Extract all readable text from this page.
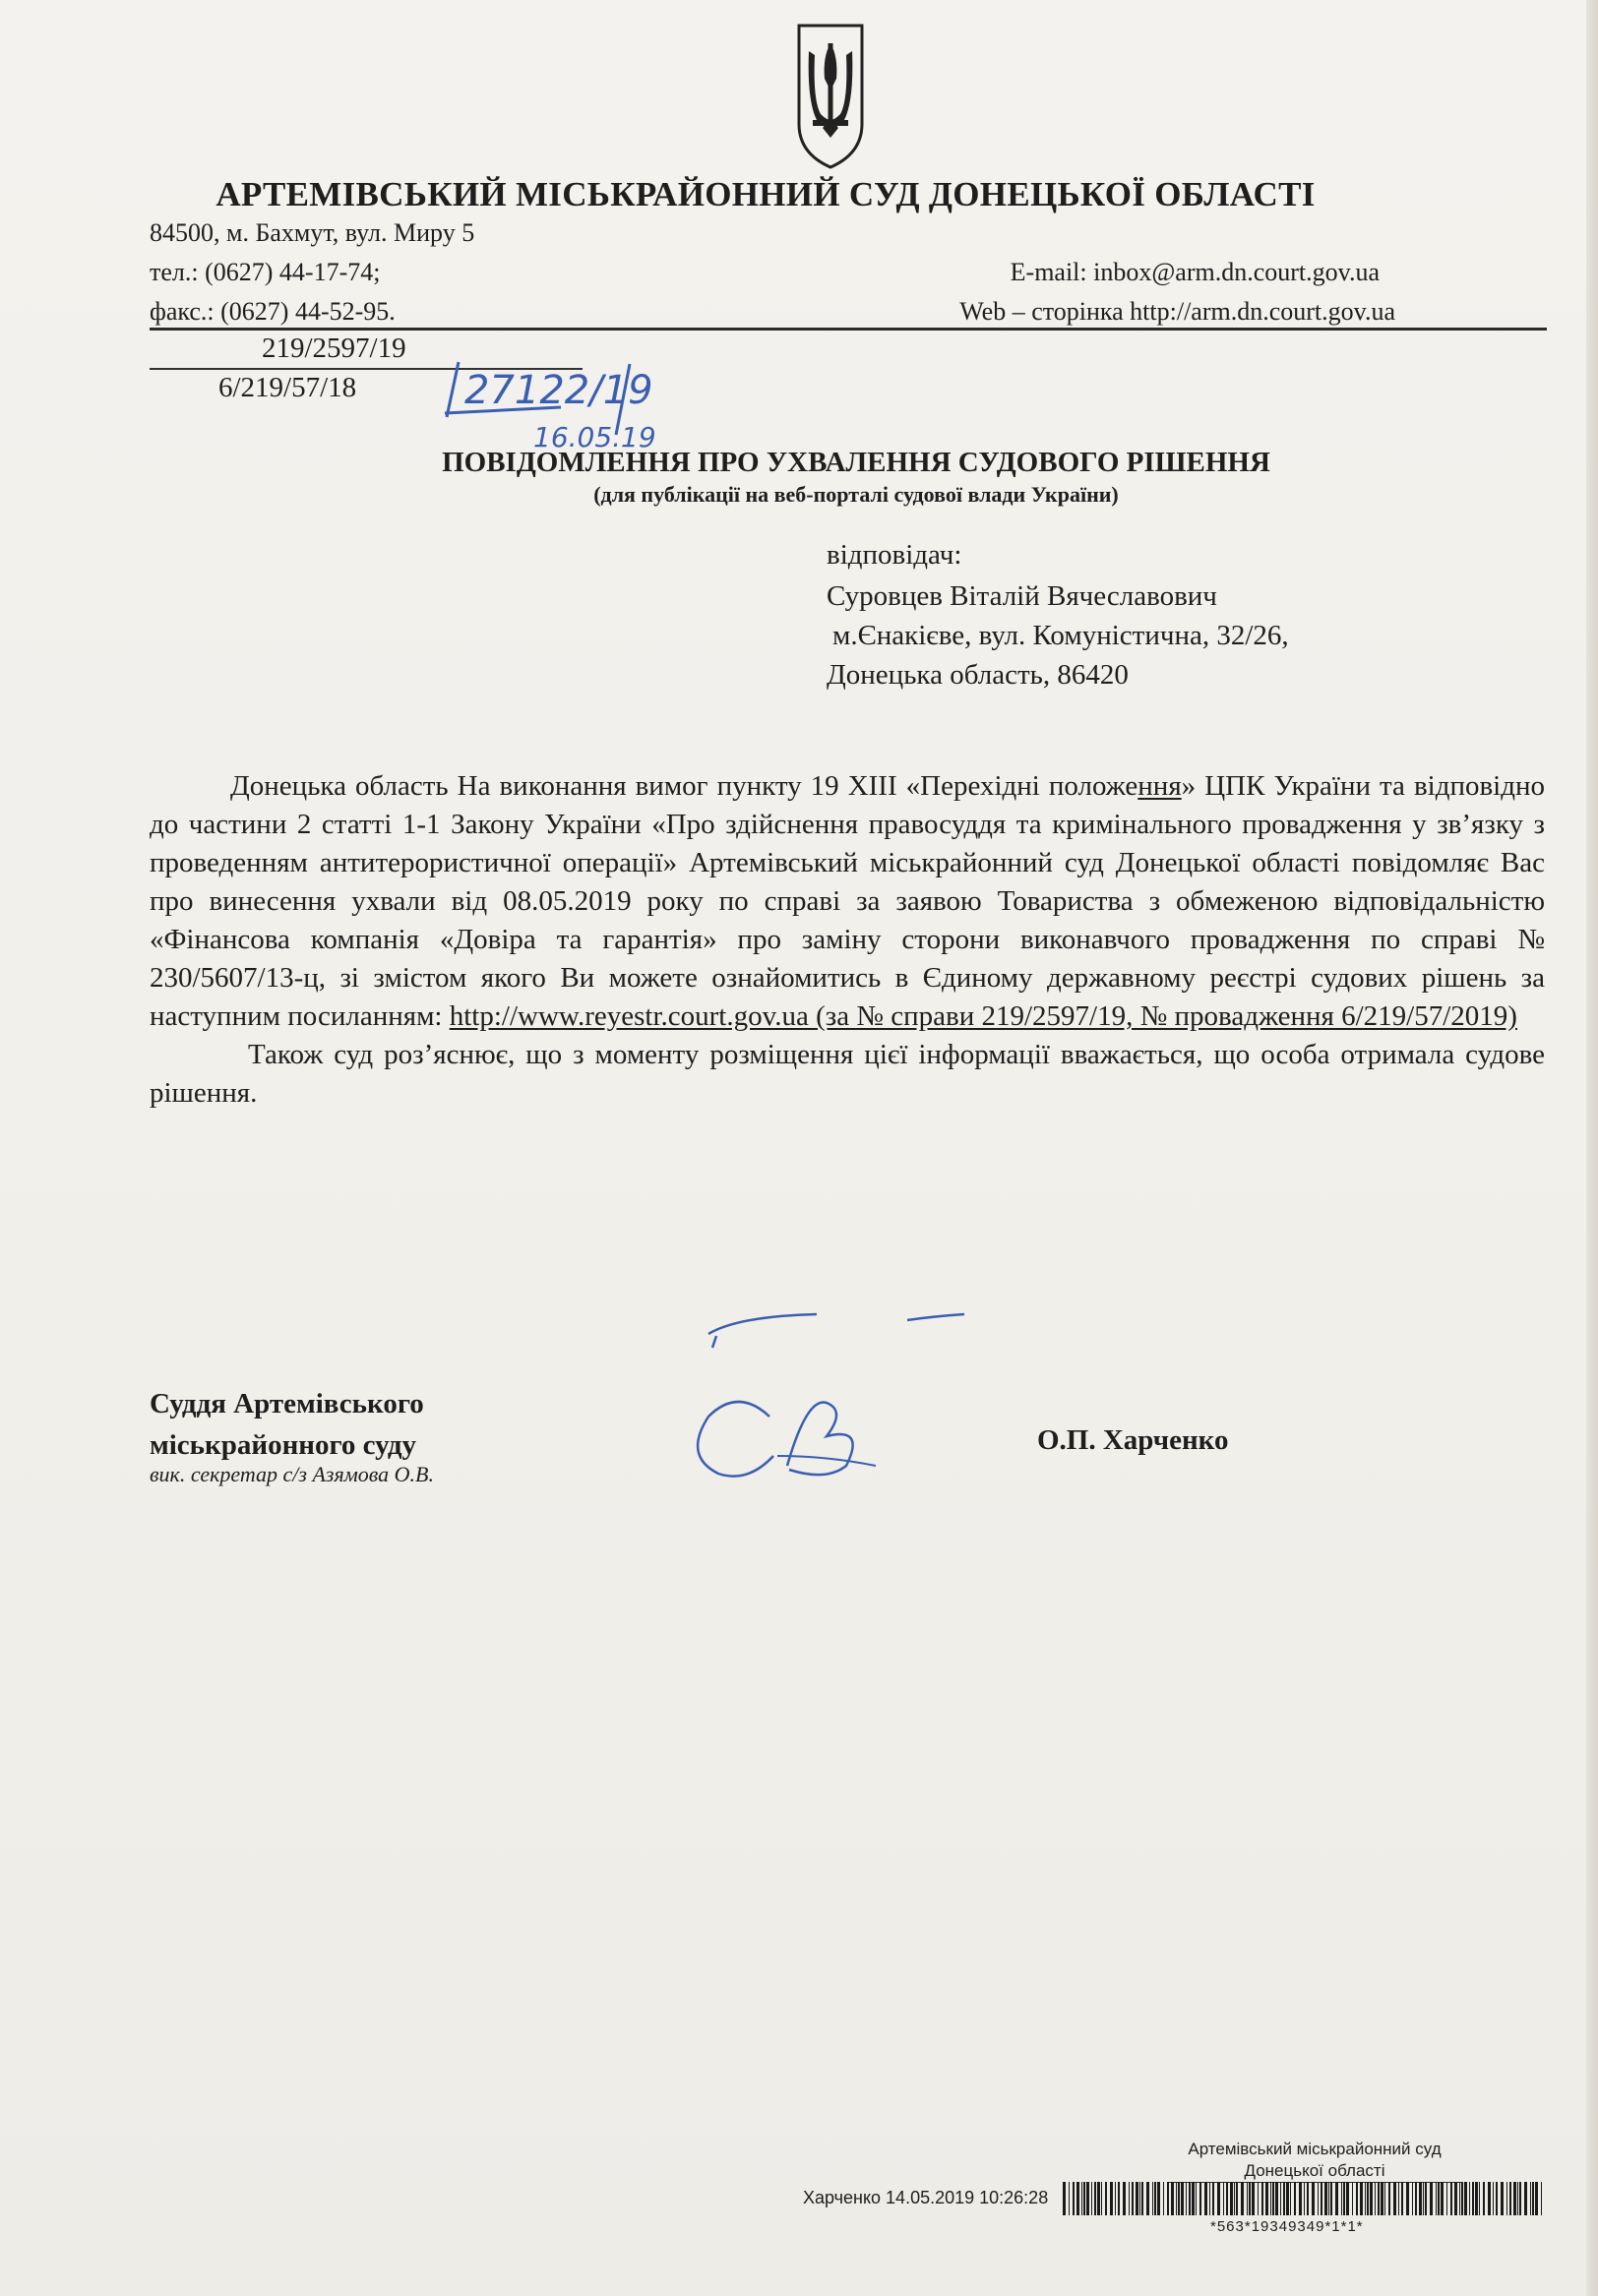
АРТЕМІВСЬКИЙ МІСЬКРАЙОННИЙ СУД ДОНЕЦЬКОЇ ОБЛАСТІ
84500, м. Бахмут, вул. Миру 5
тел.: (0627) 44-17-74;
факс.: (0627) 44-52-95.
E-mail: inbox@arm.dn.court.gov.ua
Web – сторінка http://arm.dn.court.gov.ua
219/2597/19
6/219/57/18	27122/19
16.05.19
ПОВІДОМЛЕННЯ ПРО УХВАЛЕННЯ СУДОВОГО РІШЕННЯ
(для публікації на веб-порталі судової влади України)
відповідач:
Суровцев Віталій Вячеславович
м.Єнакієве, вул. Комуністична, 32/26,
Донецька область, 86420

Донецька область На виконання вимог пункту 19 XIII «Перехідні положення» ЦПК України та відповідно до частини 2 статті 1-1 Закону України «Про здійснення правосуддя та кримінального провадження у зв’язку з проведенням антитерористичної операції» Артемівський міськрайонний суд Донецької області повідомляє Вас про винесення ухвали від 08.05.2019 року по справі за заявою Товариства з обмеженою відповідальністю «Фінансова компанія «Довіра та гарантія» про заміну сторони виконавчого провадження по справі № 230/5607/13-ц, зі змістом якого Ви можете ознайомитись в Єдиному державному реєстрі судових рішень за наступним посиланням: http://www.reyestr.court.gov.ua (за № справи 219/2597/19, № провадження 6/219/57/2019)

Також суд роз’яснює, що з моменту розміщення цієї інформації вважається, що особа отримала судове рішення.

Суддя Артемівського
міськрайонного суду
вик. секретар с/з Азямова О.В.
О.П. Харченко
Артемівський міськрайонний суд
Донецької області
Харченко 14.05.2019 10:26:28
*563*19349349*1*1*
